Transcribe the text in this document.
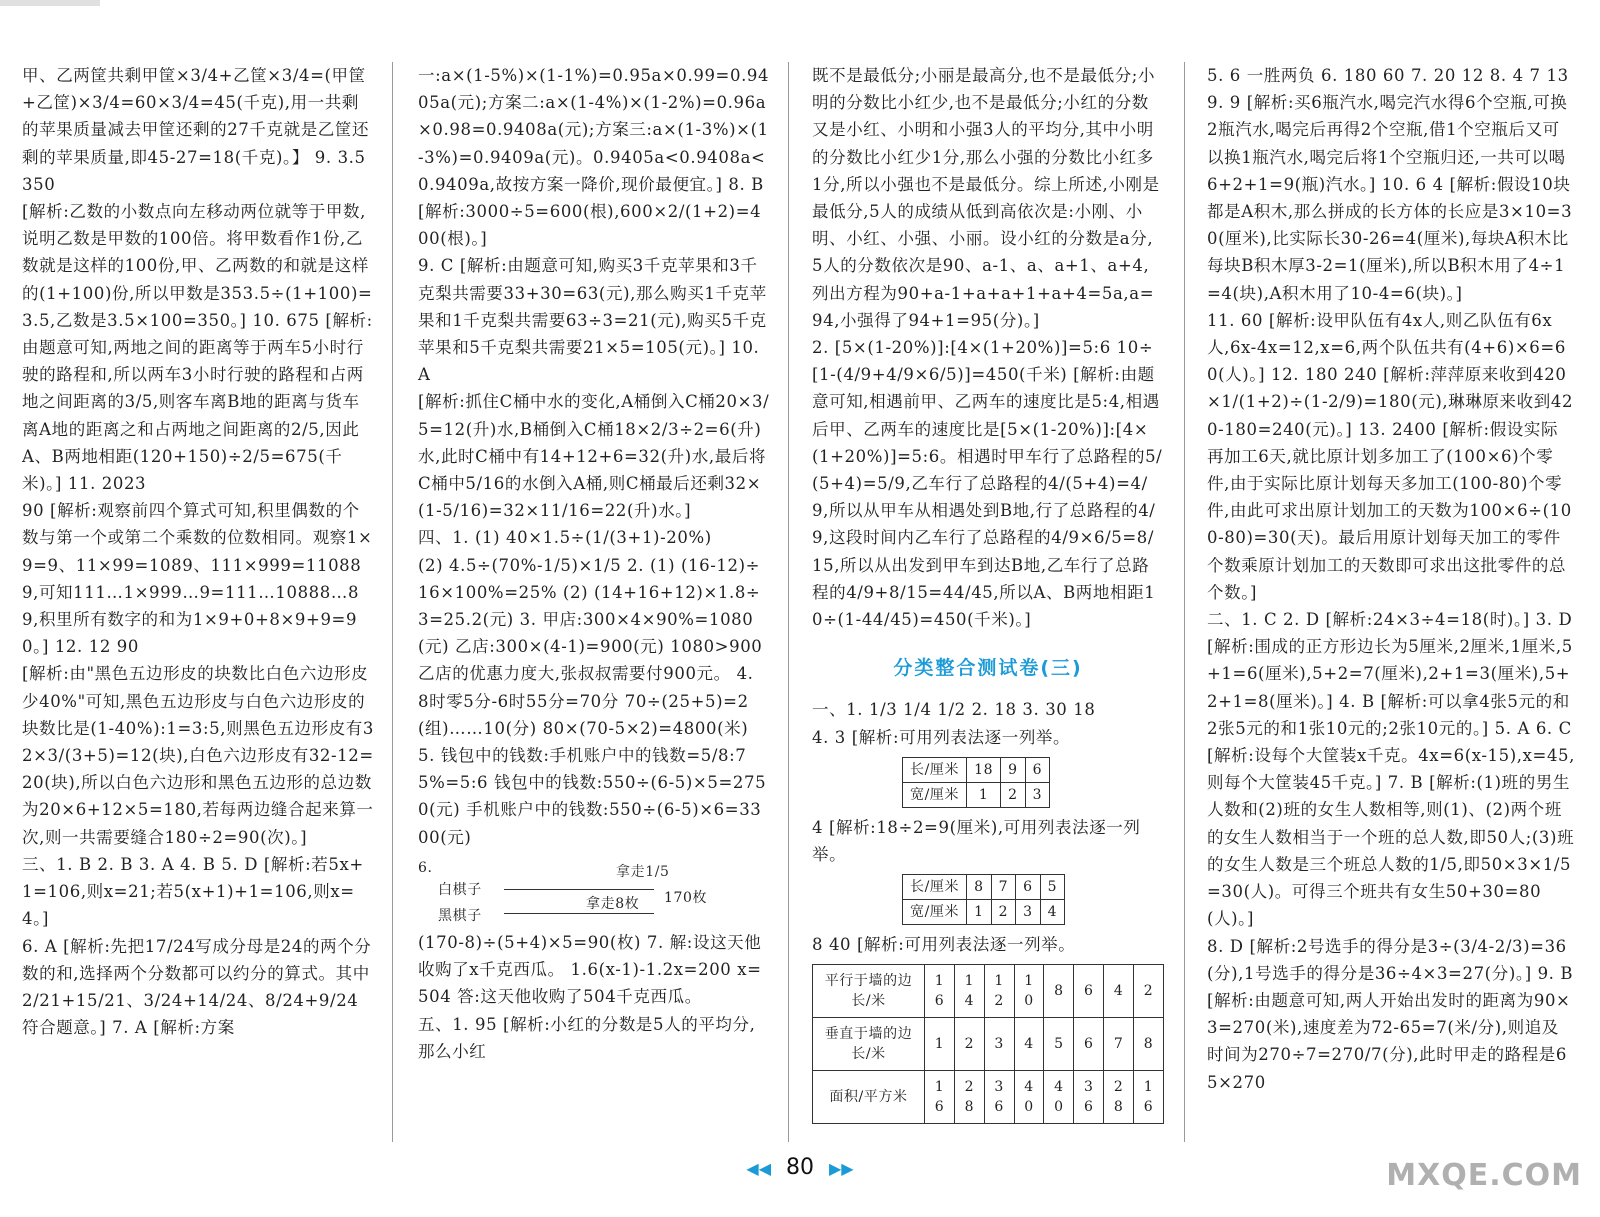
甲、乙两筐共剩甲筐×3/4+乙筐×3/4=(甲筐+乙筐)×3/4=60×3/4=45(千克),用一共剩的苹果质量减去甲筐还剩的27千克就是乙筐还剩的苹果质量,即45-27=18(千克)。】 9. 3.5 350

[解析:乙数的小数点向左移动两位就等于甲数,说明乙数是甲数的100倍。将甲数看作1份,乙数就是这样的100份,甲、乙两数的和就是这样的(1+100)份,所以甲数是353.5÷(1+100)=3.5,乙数是3.5×100=350。] 10. 675 [解析:由题意可知,两地之间的距离等于两车5小时行驶的路程和,所以两车3小时行驶的路程和占两地之间距离的3/5,则客车离B地的距离与货车离A地的距离之和占两地之间距离的2/5,因此A、B两地相距(120+150)÷2/5=675(千米)。] 11. 2023

90 [解析:观察前四个算式可知,积里偶数的个数与第一个或第二个乘数的位数相同。观察1×9=9、11×99=1089、111×999=110889,可知111…1×999…9=111…10888…89,积里所有数字的和为1×9+0+8×9+9=90。] 12. 12 90

[解析:由"黑色五边形皮的块数比白色六边形皮少40%"可知,黑色五边形皮与白色六边形皮的块数比是(1-40%):1=3:5,则黑色五边形皮有32×3/(3+5)=12(块),白色六边形皮有32-12=20(块),所以白色六边形和黑色五边形的总边数为20×6+12×5=180,若每两边缝合起来算一次,则一共需要缝合180÷2=90(次)。]

三、1. B 2. B 3. A 4. B 5. D [解析:若5x+1=106,则x=21;若5(x+1)+1=106,则x=4。]

6. A [解析:先把17/24写成分母是24的两个分数的和,选择两个分数都可以约分的算式。其中2/21+15/21、3/24+14/24、8/24+9/24符合题意。] 7. A [解析:方案

一:a×(1-5%)×(1-1%)=0.95a×0.99=0.9405a(元);方案二:a×(1-4%)×(1-2%)=0.96a×0.98=0.9408a(元);方案三:a×(1-3%)×(1-3%)=0.9409a(元)。0.9405a<0.9408a<0.9409a,故按方案一降价,现价最便宜。] 8. B

[解析:3000÷5=600(根),600×2/(1+2)=400(根)。]

9. C [解析:由题意可知,购买3千克苹果和3千克梨共需要33+30=63(元),那么购买1千克苹果和1千克梨共需要63÷3=21(元),购买5千克苹果和5千克梨共需要21×5=105(元)。] 10. A

[解析:抓住C桶中水的变化,A桶倒入C桶20×3/5=12(升)水,B桶倒入C桶18×2/3÷2=6(升)水,此时C桶中有14+12+6=32(升)水,最后将C桶中5/16的水倒入A桶,则C桶最后还剩32×(1-5/16)=32×11/16=22(升)水。]

四、1. (1) 40×1.5÷(1/(3+1)-20%)

(2) 4.5÷(70%-1/5)×1/5 2. (1) (16-12)÷16×100%=25% (2) (14+16+12)×1.8÷3=25.2(元) 3. 甲店:300×4×90%=1080(元) 乙店:300×(4-1)=900(元) 1080>900 乙店的优惠力度大,张叔叔需要付900元。 4. 8时零5分-6时55分=70分 70÷(25+5)=2(组)……10(分) 80×(70-5×2)=4800(米)

5. 钱包中的钱数:手机账户中的钱数=5/8:75%=5:6 钱包中的钱数:550÷(6-5)×5=2750(元) 手机账户中的钱数:550÷(6-5)×6=3300(元)

6.
白棋子
拿走1/5
黑棋子
拿走8枚 170枚

(170-8)÷(5+4)×5=90(枚) 7. 解:设这天他收购了x千克西瓜。 1.6(x-1)-1.2x=200 x=504 答:这天他收购了504千克西瓜。

五、1. 95 [解析:小红的分数是5人的平均分,那么小红

既不是最低分;小丽是最高分,也不是最低分;小明的分数比小红少,也不是最低分;小红的分数又是小红、小明和小强3人的平均分,其中小明的分数比小红少1分,那么小强的分数比小红多1分,所以小强也不是最低分。综上所述,小刚是最低分,5人的成绩从低到高依次是:小刚、小明、小红、小强、小丽。设小红的分数是a分,5人的分数依次是90、a-1、a、a+1、a+4,列出方程为90+a-1+a+a+1+a+4=5a,a=94,小强得了94+1=95(分)。]

2. [5×(1-20%)]:[4×(1+20%)]=5:6 10÷[1-(4/9+4/9×6/5)]=450(千米) [解析:由题意可知,相遇前甲、乙两车的速度比是5:4,相遇后甲、乙两车的速度比是[5×(1-20%)]:[4×(1+20%)]=5:6。相遇时甲车行了总路程的5/(5+4)=5/9,乙车行了总路程的4/(5+4)=4/9,所以从甲车从相遇处到B地,行了总路程的4/9,这段时间内乙车行了总路程的4/9×6/5=8/15,所以从出发到甲车到达B地,乙车行了总路程的4/9+8/15=44/45,所以A、B两地相距10÷(1-44/45)=450(千米)。]

分类整合测试卷(三)

一、1. 1/3 1/4 1/2 2. 18 3. 30 18

4. 3 [解析:可用列表法逐一列举。

长/厘米	18	9	6
宽/厘米	1	2	3

4 [解析:18÷2=9(厘米),可用列表法逐一列举。

长/厘米	8	7	6	5
宽/厘米	1	2	3	4

8 40 [解析:可用列表法逐一列举。

平行于墙的边长/米	16	14	12	10	8	6	4	2
垂直于墙的边长/米	1	2	3	4	5	6	7	8
面积/平方米	16	28	36	40	40	36	28	16

5. 6 一胜两负 6. 180 60 7. 20 12 8. 4 7 13 9. 9 [解析:买6瓶汽水,喝完汽水得6个空瓶,可换2瓶汽水,喝完后再得2个空瓶,借1个空瓶后又可以换1瓶汽水,喝完后将1个空瓶归还,一共可以喝6+2+1=9(瓶)汽水。] 10. 6 4 [解析:假设10块都是A积木,那么拼成的长方体的长应是3×10=30(厘米),比实际长30-26=4(厘米),每块A积木比每块B积木厚3-2=1(厘米),所以B积木用了4÷1=4(块),A积木用了10-4=6(块)。]

11. 60 [解析:设甲队伍有4x人,则乙队伍有6x人,6x-4x=12,x=6,两个队伍共有(4+6)×6=60(人)。] 12. 180 240 [解析:萍萍原来收到420×1/(1+2)÷(1-2/9)=180(元),琳琳原来收到420-180=240(元)。] 13. 2400 [解析:假设实际再加工6天,就比原计划多加工了(100×6)个零件,由于实际比原计划每天多加工(100-80)个零件,由此可求出原计划加工的天数为100×6÷(100-80)=30(天)。最后用原计划每天加工的零件个数乘原计划加工的天数即可求出这批零件的总个数。]

二、1. C 2. D [解析:24×3÷4=18(时)。] 3. D [解析:围成的正方形边长为5厘米,2厘米,1厘米,5+1=6(厘米),5+2=7(厘米),2+1=3(厘米),5+2+1=8(厘米)。] 4. B [解析:可以拿4张5元的和2张5元的和1张10元的;2张10元的。] 5. A 6. C [解析:设每个大筐装x千克。4x=6(x-15),x=45,则每个大筐装45千克。] 7. B [解析:(1)班的男生人数和(2)班的女生人数相等,则(1)、(2)两个班的女生人数相当于一个班的总人数,即50人;(3)班的女生人数是三个班总人数的1/5,即50×3×1/5=30(人)。可得三个班共有女生50+30=80(人)。]

8. D [解析:2号选手的得分是3÷(3/4-2/3)=36(分),1号选手的得分是36÷4×3=27(分)。] 9. B [解析:由题意可知,两人开始出发时的距离为90×3=270(米),速度差为72-65=7(米/分),则追及时间为270÷7=270/7(分),此时甲走的路程是65×270

◀◀ 80 ▶▶	MXQE.COM
